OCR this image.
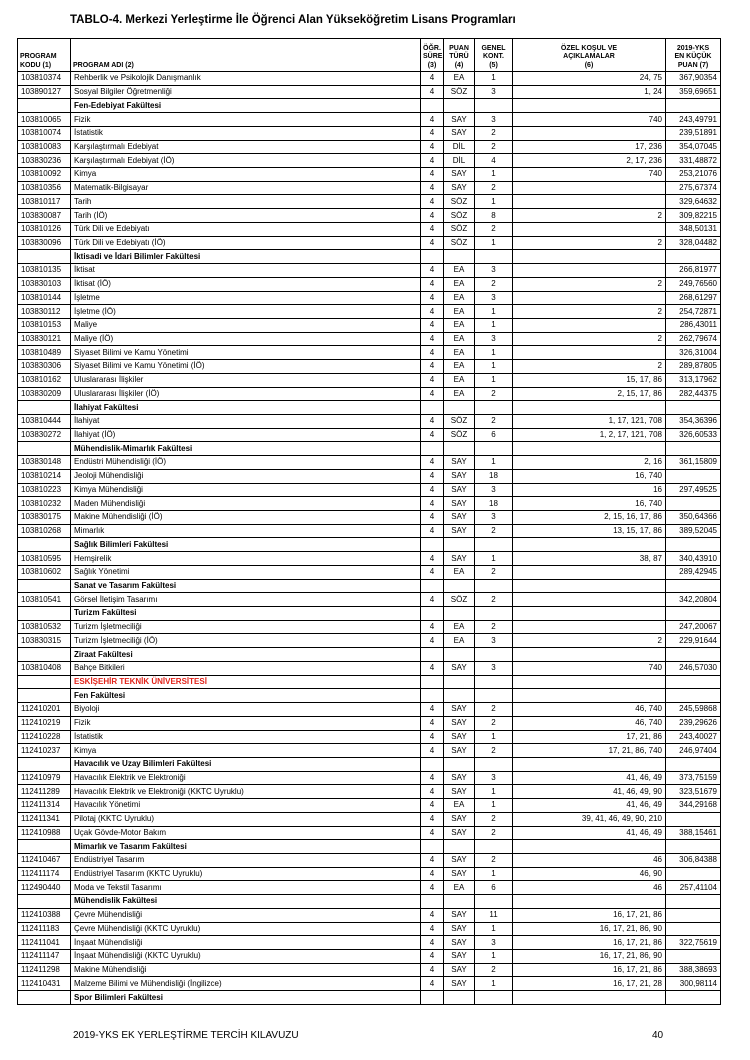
TABLO-4. Merkezi Yerleştirme İle Öğrenci Alan Yükseköğretim Lisans Programları
PROGRAM
KODU (1)	PROGRAM ADI (2)	ÖĞR.
SÜRE
(3)	PUAN
TÜRÜ
(4)	GENEL
KONT.
(5)	ÖZEL KOŞUL VE
AÇIKLAMALAR
(6)	2019-YKS
EN KÜÇÜK
PUAN (7)
103810374	Rehberlik ve Psikolojik Danışmanlık	4	EA	1	24, 75	367,90354
103890127	Sosyal Bilgiler Öğretmenliği	4	SÖZ	3	1, 24	359,69651
	Fen-Edebiyat Fakültesi					
103810065	Fizik	4	SAY	3	740	243,49791
103810074	İstatistik	4	SAY	2		239,51891
103810083	Karşılaştırmalı Edebiyat	4	DİL	2	17, 236	354,07045
103830236	Karşılaştırmalı Edebiyat (İÖ)	4	DİL	4	2, 17, 236	331,48872
103810092	Kimya	4	SAY	1	740	253,21076
103810356	Matematik-Bilgisayar	4	SAY	2		275,67374
103810117	Tarih	4	SÖZ	1		329,64632
103830087	Tarih (İÖ)	4	SÖZ	8	2	309,82215
103810126	Türk Dili ve Edebiyatı	4	SÖZ	2		348,50131
103830096	Türk Dili ve Edebiyatı (İÖ)	4	SÖZ	1	2	328,04482
	İktisadi ve İdari Bilimler Fakültesi					
103810135	İktisat	4	EA	3		266,81977
103830103	İktisat (İÖ)	4	EA	2	2	249,76560
103810144	İşletme	4	EA	3		268,61297
103830112	İşletme (İÖ)	4	EA	1	2	254,72871
103810153	Maliye	4	EA	1		286,43011
103830121	Maliye (İÖ)	4	EA	3	2	262,79674
103810489	Siyaset Bilimi ve Kamu Yönetimi	4	EA	1		326,31004
103830306	Siyaset Bilimi ve Kamu Yönetimi (İÖ)	4	EA	1	2	289,87805
103810162	Uluslararası İlişkiler	4	EA	1	15, 17, 86	313,17962
103830209	Uluslararası İlişkiler (İÖ)	4	EA	2	2, 15, 17, 86	282,44375
	İlahiyat Fakültesi					
103810444	İlahiyat	4	SÖZ	2	1, 17, 121, 708	354,36396
103830272	İlahiyat (İÖ)	4	SÖZ	6	1, 2, 17, 121, 708	326,60533
	Mühendislik-Mimarlık Fakültesi					
103830148	Endüstri Mühendisliği (İÖ)	4	SAY	1	2, 16	361,15809
103810214	Jeoloji Mühendisliği	4	SAY	18	16, 740	
103810223	Kimya Mühendisliği	4	SAY	3	16	297,49525
103810232	Maden Mühendisliği	4	SAY	18	16, 740	
103830175	Makine Mühendisliği (İÖ)	4	SAY	3	2, 15, 16, 17, 86	350,64366
103810268	Mimarlık	4	SAY	2	13, 15, 17, 86	389,52045
	Sağlık Bilimleri Fakültesi					
103810595	Hemşirelik	4	SAY	1	38, 87	340,43910
103810602	Sağlık Yönetimi	4	EA	2		289,42945
	Sanat ve Tasarım Fakültesi					
103810541	Görsel İletişim Tasarımı	4	SÖZ	2		342,20804
	Turizm Fakültesi					
103810532	Turizm İşletmeciliği	4	EA	2		247,20067
103830315	Turizm İşletmeciliği (İÖ)	4	EA	3	2	229,91644
	Ziraat Fakültesi					
103810408	Bahçe Bitkileri	4	SAY	3	740	246,57030
	ESKİŞEHİR TEKNİK ÜNİVERSİTESİ					
	Fen Fakültesi					
112410201	Biyoloji	4	SAY	2	46, 740	245,59868
112410219	Fizik	4	SAY	2	46, 740	239,29626
112410228	İstatistik	4	SAY	1	17, 21, 86	243,40027
112410237	Kimya	4	SAY	2	17, 21, 86, 740	246,97404
	Havacılık ve Uzay Bilimleri Fakültesi					
112410979	Havacılık Elektrik ve Elektroniği	4	SAY	3	41, 46, 49	373,75159
112411289	Havacılık Elektrik ve Elektroniği (KKTC Uyruklu)	4	SAY	1	41, 46, 49, 90	323,51679
112411314	Havacılık Yönetimi	4	EA	1	41, 46, 49	344,29168
112411341	Pilotaj (KKTC Uyruklu)	4	SAY	2	39, 41, 46, 49, 90, 210	
112410988	Uçak Gövde-Motor Bakım	4	SAY	2	41, 46, 49	388,15461
	Mimarlık ve Tasarım Fakültesi					
112410467	Endüstriyel Tasarım	4	SAY	2	46	306,84388
112411174	Endüstriyel Tasarım (KKTC Uyruklu)	4	SAY	1	46, 90	
112490440	Moda ve Tekstil Tasarımı	4	EA	6	46	257,41104
	Mühendislik Fakültesi					
112410388	Çevre Mühendisliği	4	SAY	11	16, 17, 21, 86	
112411183	Çevre Mühendisliği (KKTC Uyruklu)	4	SAY	1	16, 17, 21, 86, 90	
112411041	İnşaat Mühendisliği	4	SAY	3	16, 17, 21, 86	322,75619
112411147	İnşaat Mühendisliği (KKTC Uyruklu)	4	SAY	1	16, 17, 21, 86, 90	
112411298	Makine Mühendisliği	4	SAY	2	16, 17, 21, 86	388,38693
112410431	Malzeme Bilimi ve Mühendisliği (İngilizce)	4	SAY	1	16, 17, 21, 28	300,98114
	Spor Bilimleri Fakültesi					
2019-YKS EK YERLEŞTİRME TERCİH KILAVUZU	40
